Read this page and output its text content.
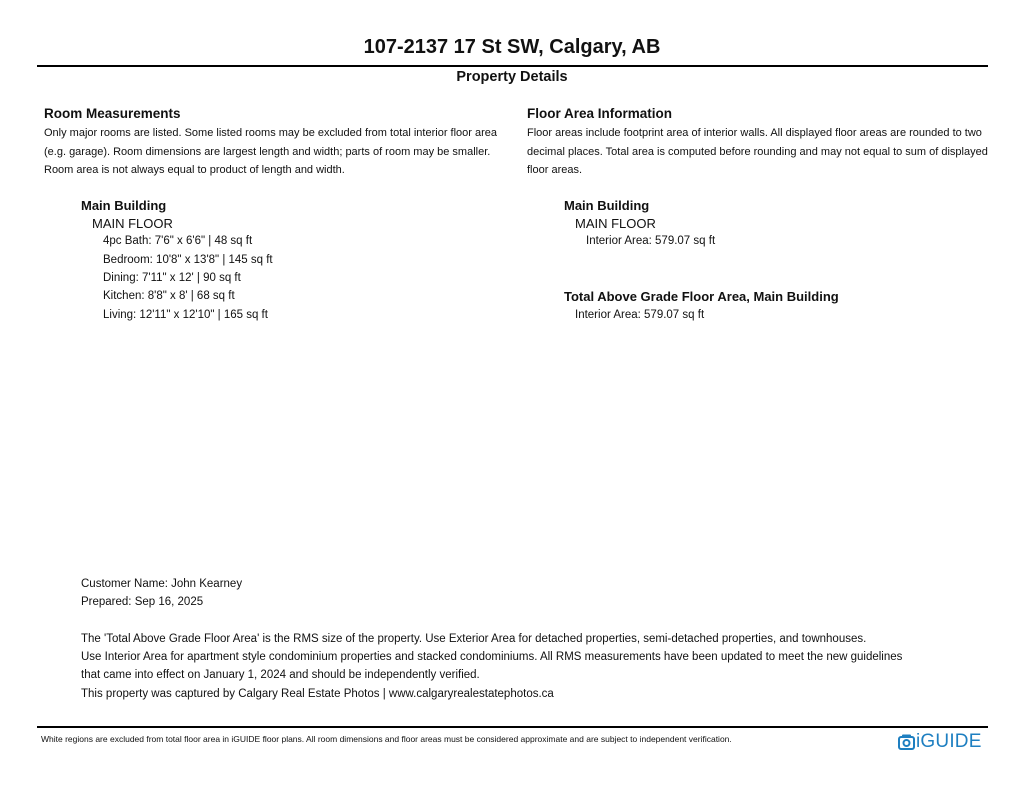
107-2137 17 St SW, Calgary, AB
Property Details
Room Measurements
Only major rooms are listed. Some listed rooms may be excluded from total interior floor area
(e.g. garage). Room dimensions are largest length and width; parts of room may be smaller.
Room area is not always equal to product of length and width.
Main Building
MAIN FLOOR
4pc Bath: 7'6" x 6'6" | 48 sq ft
Bedroom: 10'8" x 13'8" | 145 sq ft
Dining: 7'11" x 12' | 90 sq ft
Kitchen: 8'8" x 8' | 68 sq ft
Living: 12'11" x 12'10" | 165 sq ft
Floor Area Information
Floor areas include footprint area of interior walls. All displayed floor areas are rounded to two
decimal places. Total area is computed before rounding and may not equal to sum of displayed
floor areas.
Main Building
MAIN FLOOR
Interior Area: 579.07 sq ft
Total Above Grade Floor Area, Main Building
Interior Area: 579.07 sq ft
Customer Name: John Kearney
Prepared: Sep 16, 2025
The 'Total Above Grade Floor Area' is the RMS size of the property. Use Exterior Area for detached properties, semi-detached properties, and townhouses.
Use Interior Area for apartment style condominium properties and stacked condominiums. All RMS measurements have been updated to meet the new guidelines
that came into effect on January 1, 2024 and should be independently verified.
This property was captured by Calgary Real Estate Photos | www.calgaryrealestatephotos.ca
White regions are excluded from total floor area in iGUIDE floor plans. All room dimensions and floor areas must be considered approximate and are subject to independent verification.	iGUIDE
